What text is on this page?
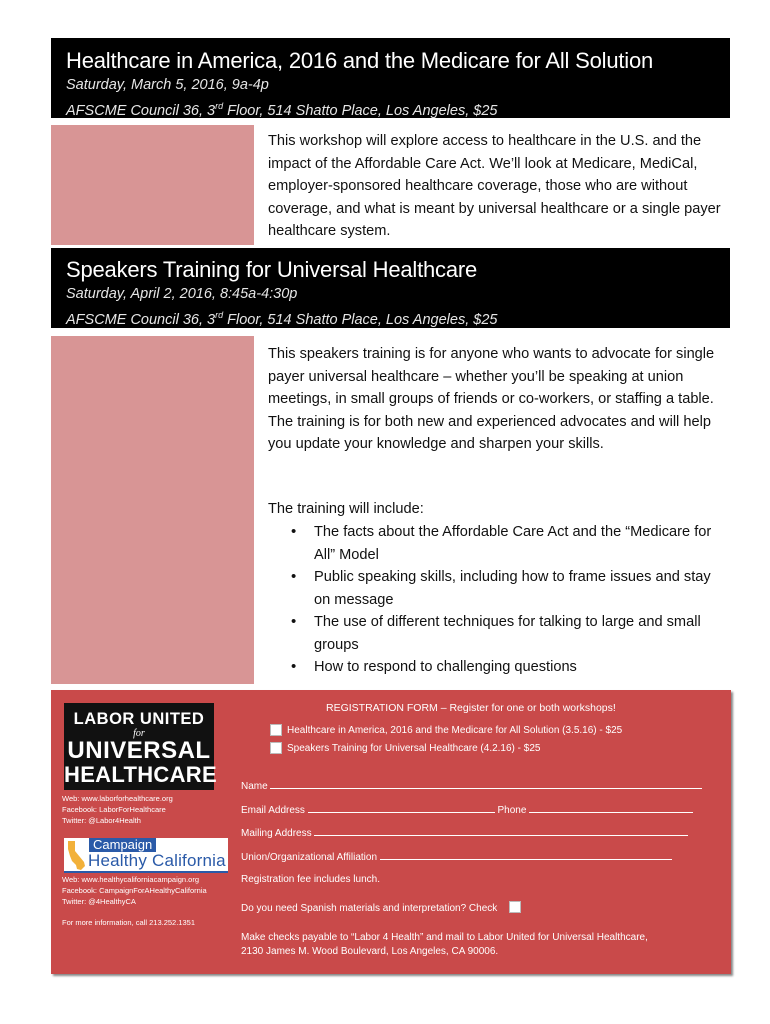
Healthcare in America, 2016 and the Medicare for All Solution
Saturday, March 5, 2016, 9a-4p
AFSCME Council 36, 3rd Floor, 514 Shatto Place, Los Angeles, $25

This workshop will explore access to healthcare in the U.S. and the impact of the Affordable Care Act. We’ll look at Medicare, MediCal, employer-sponsored healthcare coverage, those who are without coverage, and what is meant by universal healthcare or a single payer healthcare system.

Speakers Training for Universal Healthcare
Saturday, April 2, 2016, 8:45a-4:30p
AFSCME Council 36, 3rd Floor, 514 Shatto Place, Los Angeles, $25

This speakers training is for anyone who wants to advocate for single payer universal healthcare – whether you’ll be speaking at union meetings, in small groups of friends or co-workers, or staffing a table. The training is for both new and experienced advocates and will help you update your knowledge and sharpen your skills.

The training will include:

• The facts about the Affordable Care Act and the “Medicare for All” Model
• Public speaking skills, including how to frame issues and stay on message
• The use of different techniques for talking to large and small groups
• How to respond to challenging questions
LABOR UNITED
for
UNIVERSAL
HEALTHCARE
Web: www.laborforhealthcare.org
Facebook: LaborForHealthcare
Twitter: @Labor4Health
Campaign
Healthy California
Web: www.healthycaliforniacampaign.org
Facebook: CampaignForAHealthyCalifornia
Twitter: @4HealthyCA
For more information, call 213.252.1351
REGISTRATION FORM – Register for one or both workshops!
Healthcare in America, 2016 and the Medicare for All Solution (3.5.16) - $25
Speakers Training for Universal Healthcare (4.2.16) - $25
Name
Email Address	Phone
Mailing Address
Union/Organizational Affiliation
Registration fee includes lunch.
Do you need Spanish materials and interpretation? Check
Make checks payable to “Labor 4 Health” and mail to Labor United for Universal Healthcare,
2130 James M. Wood Boulevard, Los Angeles, CA 90006.
